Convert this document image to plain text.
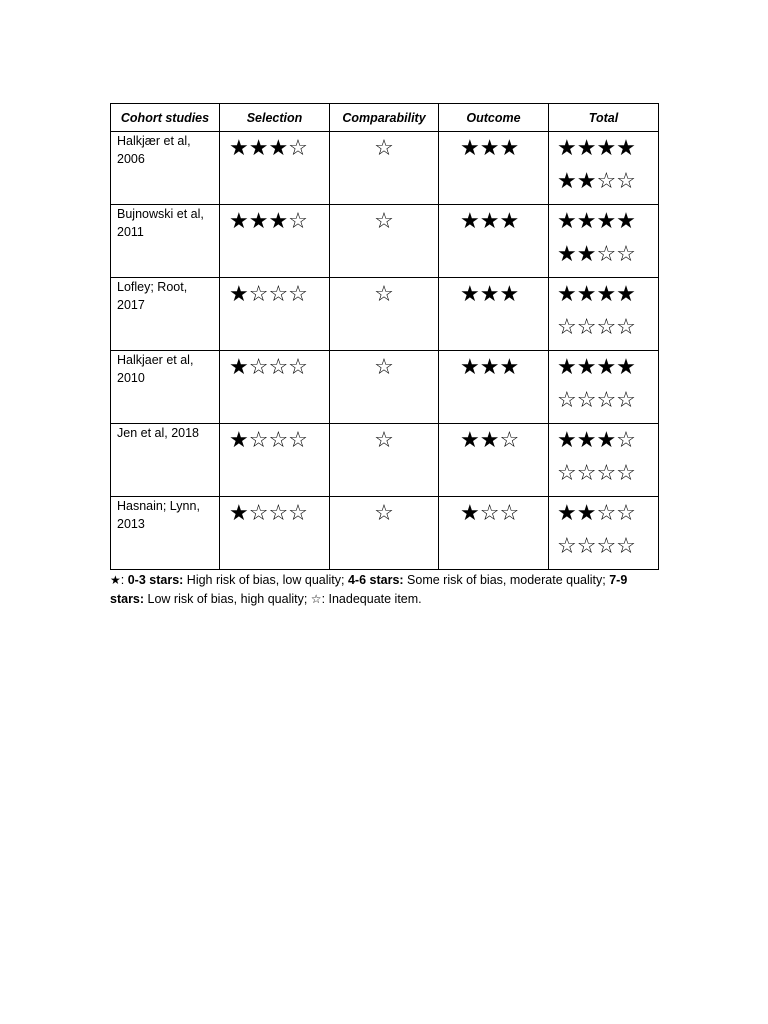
Cohort studies	Selection	Comparability	Outcome	Total

Halkjær et al, 2006	★★★☆	☆	★★★	★★★★
★★☆☆

Bujnowski et al, 2011	★★★☆	☆	★★★	★★★★
★★☆☆

Lofley; Root, 2017	★☆☆☆	☆	★★★	★★★★
☆☆☆☆

Halkjaer et al, 2010	★☆☆☆	☆	★★★	★★★★
☆☆☆☆

Jen et al, 2018	★☆☆☆	☆	★★☆	★★★☆
☆☆☆☆

Hasnain; Lynn, 2013	★☆☆☆	☆	★☆☆	★★☆☆
☆☆☆☆
★: 0-3 stars: High risk of bias, low quality; 4-6 stars: Some risk of bias, moderate quality; 7-9 stars: Low risk of bias, high quality; ☆: Inadequate item.
